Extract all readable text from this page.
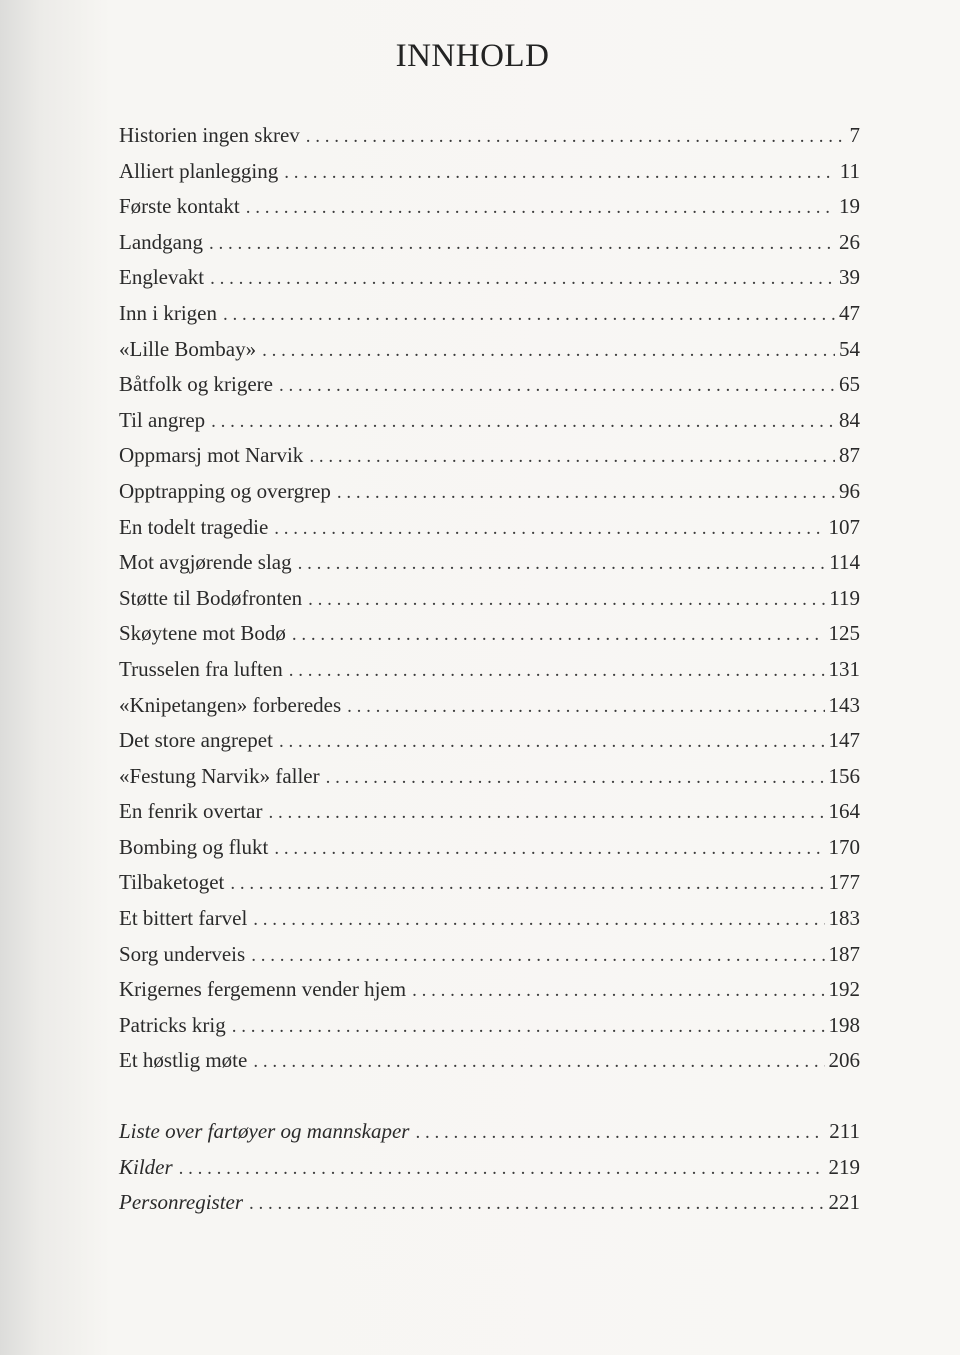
INNHOLD
Historien ingen skrev . . .	7
Alliert planlegging . . .	11
Første kontakt . . .	19
Landgang . . .	26
Englevakt . . .	39
Inn i krigen . . .	47
«Lille Bombay» . . .	54
Båtfolk og krigere . . .	65
Til angrep . . .	84
Oppmarsj mot Narvik . . .	87
Opptrapping og overgrep . . .	96
En todelt tragedie . . .	107
Mot avgjørende slag . . .	114
Støtte til Bodøfronten . . .	119
Skøytene mot Bodø . . .	125
Trusselen fra luften . . .	131
«Knipetangen» forberedes . . .	143
Det store angrepet . . .	147
«Festung Narvik» faller . . .	156
En fenrik overtar . . .	164
Bombing og flukt . . .	170
Tilbaketoget . . .	177
Et bittert farvel . . .	183
Sorg underveis . . .	187
Krigernes fergemenn vender hjem . . .	192
Patricks krig . . .	198
Et høstlig møte . . .	206
Liste over fartøyer og mannskaper . . .	211
Kilder . . .	219
Personregister . . .	221
